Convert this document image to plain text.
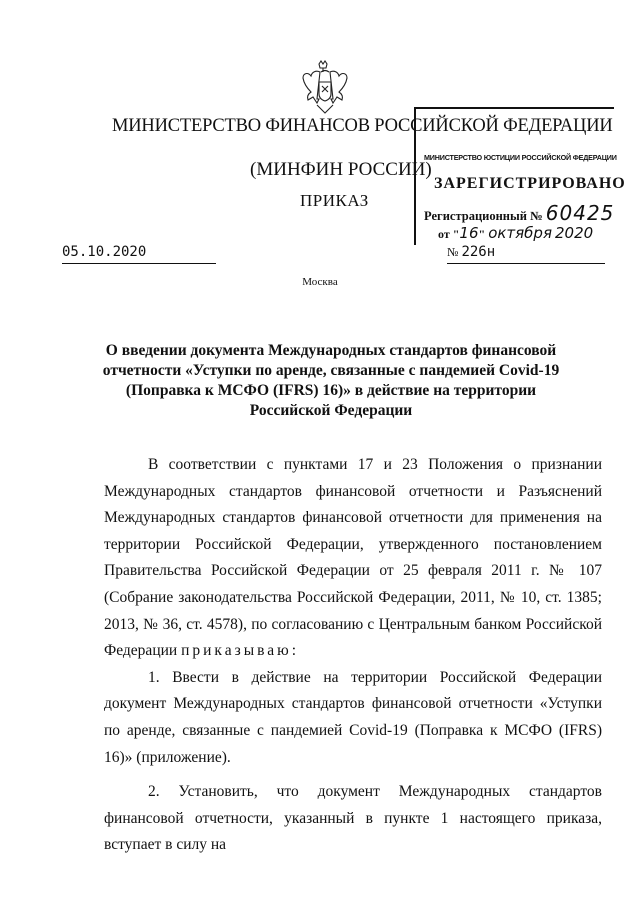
МИНИСТЕРСТВО ФИНАНСОВ РОССИЙСКОЙ ФЕДЕРАЦИИ
(МИНФИН РОССИИ)
ПРИКАЗ
МИНИСТЕРСТВО ЮСТИЦИИ РОССИЙСКОЙ ФЕДЕРАЦИИ
ЗАРЕГИСТРИРОВАНО
Регистрационный № 60425
от "16" октября 2020
05.10.2020	№ 226н
Москва
О введении документа Международных стандартов финансовой отчетности «Уступки по аренде, связанные с пандемией Covid-19 (Поправка к МСФО (IFRS) 16)» в действие на территории Российской Федерации

В соответствии с пунктами 17 и 23 Положения о признании Международных стандартов финансовой отчетности и Разъяснений Международных стандартов финансовой отчетности для применения на территории Российской Федерации, утвержденного постановлением Правительства Российской Федерации от 25 февраля 2011 г. № 107 (Собрание законодательства Российской Федерации, 2011, № 10, ст. 1385; 2013, № 36, ст. 4578), по согласованию с Центральным банком Российской Федерации приказываю:

1. Ввести в действие на территории Российской Федерации документ Международных стандартов финансовой отчетности «Уступки по аренде, связанные с пандемией Covid-19 (Поправка к МСФО (IFRS) 16)» (приложение).

2. Установить, что документ Международных стандартов финансовой отчетности, указанный в пункте 1 настоящего приказа, вступает в силу на
